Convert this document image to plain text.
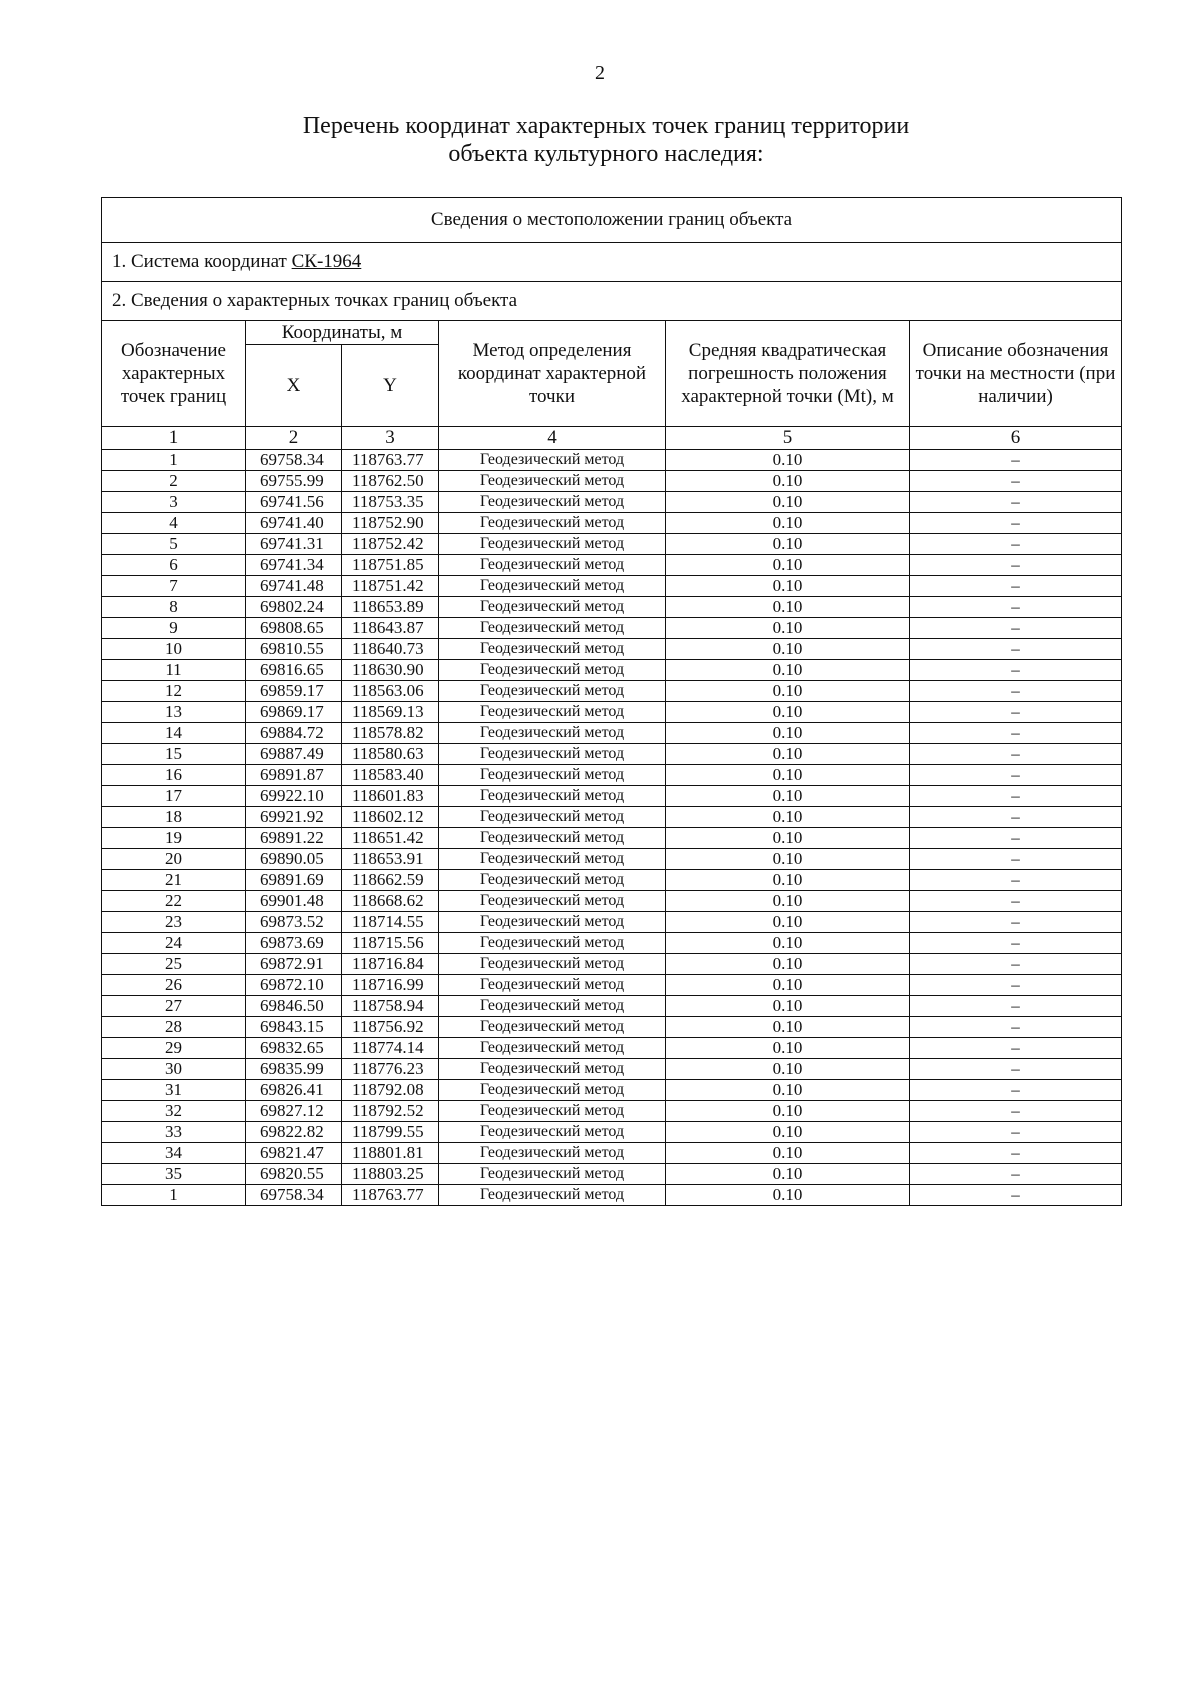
2
Перечень координат характерных точек границ территории
объекта культурного наследия:
Сведения о местоположении границ объекта					
1. Система координат СК-1964					
2. Сведения о характерных точках границ объекта					
Обозначение характерных точек границ	Координаты, м		Метод определения координат характерной точки	Средняя квадратическая погрешность положения характерной точки (Мt), м	Описание обозначения точки на местности (при наличии)
	X	Y			
1	2	3	4	5	6
1	69758.34	118763.77	Геодезический метод	0.10	–
2	69755.99	118762.50	Геодезический метод	0.10	–
3	69741.56	118753.35	Геодезический метод	0.10	–
4	69741.40	118752.90	Геодезический метод	0.10	–
5	69741.31	118752.42	Геодезический метод	0.10	–
6	69741.34	118751.85	Геодезический метод	0.10	–
7	69741.48	118751.42	Геодезический метод	0.10	–
8	69802.24	118653.89	Геодезический метод	0.10	–
9	69808.65	118643.87	Геодезический метод	0.10	–
10	69810.55	118640.73	Геодезический метод	0.10	–
11	69816.65	118630.90	Геодезический метод	0.10	–
12	69859.17	118563.06	Геодезический метод	0.10	–
13	69869.17	118569.13	Геодезический метод	0.10	–
14	69884.72	118578.82	Геодезический метод	0.10	–
15	69887.49	118580.63	Геодезический метод	0.10	–
16	69891.87	118583.40	Геодезический метод	0.10	–
17	69922.10	118601.83	Геодезический метод	0.10	–
18	69921.92	118602.12	Геодезический метод	0.10	–
19	69891.22	118651.42	Геодезический метод	0.10	–
20	69890.05	118653.91	Геодезический метод	0.10	–
21	69891.69	118662.59	Геодезический метод	0.10	–
22	69901.48	118668.62	Геодезический метод	0.10	–
23	69873.52	118714.55	Геодезический метод	0.10	–
24	69873.69	118715.56	Геодезический метод	0.10	–
25	69872.91	118716.84	Геодезический метод	0.10	–
26	69872.10	118716.99	Геодезический метод	0.10	–
27	69846.50	118758.94	Геодезический метод	0.10	–
28	69843.15	118756.92	Геодезический метод	0.10	–
29	69832.65	118774.14	Геодезический метод	0.10	–
30	69835.99	118776.23	Геодезический метод	0.10	–
31	69826.41	118792.08	Геодезический метод	0.10	–
32	69827.12	118792.52	Геодезический метод	0.10	–
33	69822.82	118799.55	Геодезический метод	0.10	–
34	69821.47	118801.81	Геодезический метод	0.10	–
35	69820.55	118803.25	Геодезический метод	0.10	–
1	69758.34	118763.77	Геодезический метод	0.10	–
